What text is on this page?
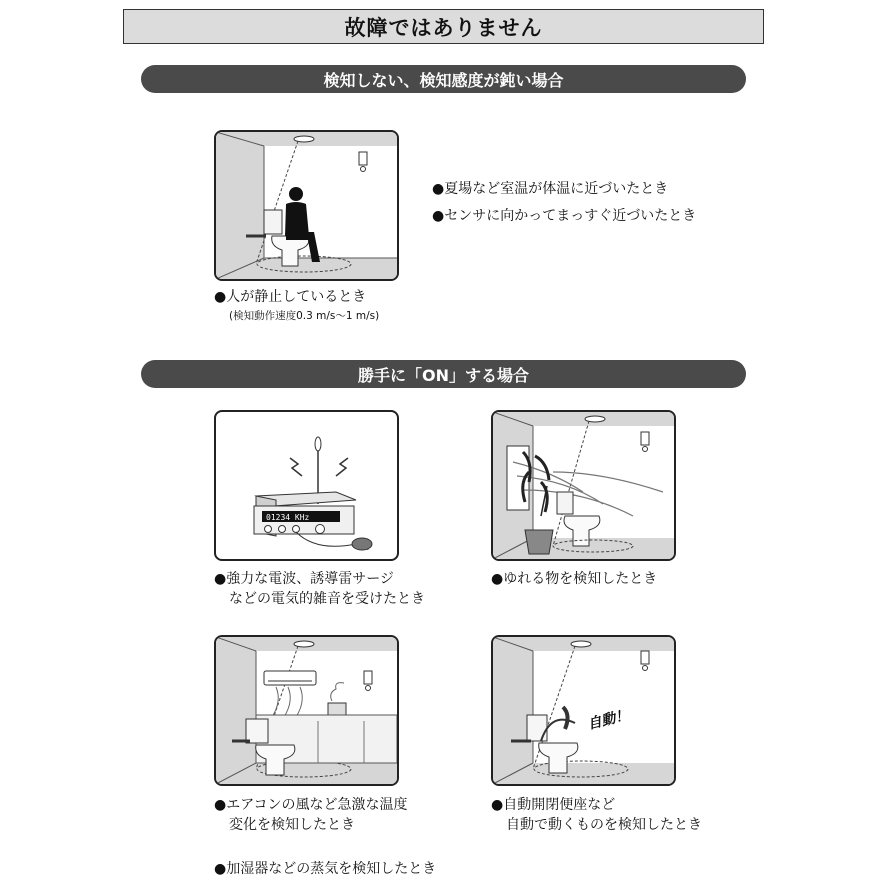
故障ではありません
検知しない、検知感度が鈍い場合
●夏場など室温が体温に近づいたとき
●センサに向かってまっすぐ近づいたとき
●人が静止しているとき
(検知動作速度0.3 m/s〜1 m/s)
勝手に「ON」する場合
01234 KHz
●強力な電波、誘導雷サージ
などの電気的雑音を受けたとき
●ゆれる物を検知したとき
自動！
●エアコンの風など急激な温度
変化を検知したとき
●自動開閉便座など
自動で動くものを検知したとき
●加湿器などの蒸気を検知したとき
